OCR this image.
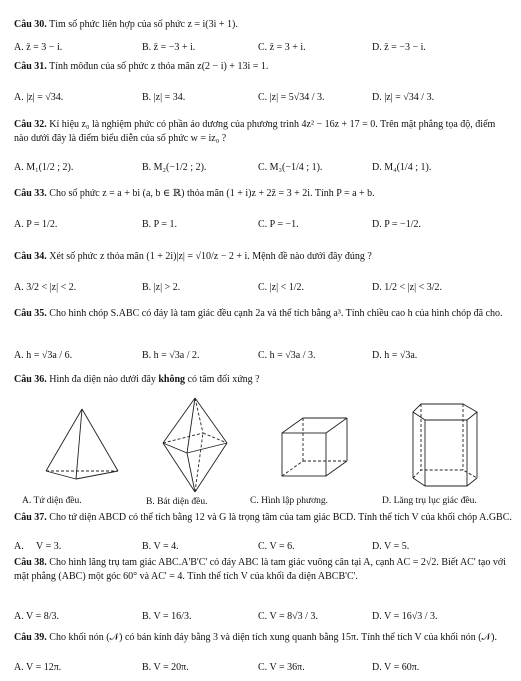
Câu 30. Tìm số phức liên hợp của số phức z = i(3i + 1).
A. z̄ = 3 − i.	B. z̄ = −3 + i.	C. z̄ = 3 + i.	D. z̄ = −3 − i.
Câu 31. Tính môđun của số phức z thỏa mãn z(2 − i) + 13i = 1.
A. |z| = √34.	B. |z| = 34.	C. |z| = 5√34 / 3.	D. |z| = √34 / 3.
Câu 32. Kí hiệu z₀ là nghiệm phức có phần ảo dương của phương trình 4z² − 16z + 17 = 0. Trên mặt phẳng tọa độ, điểm nào dưới đây là điểm biểu diễn của số phức w = iz₀ ?
A. M₁(1/2 ; 2).	B. M₂(−1/2 ; 2).	C. M₃(−1/4 ; 1).	D. M₄(1/4 ; 1).
Câu 33. Cho số phức z = a + bi (a, b ∈ ℝ) thỏa mãn (1 + i)z + 2z̄ = 3 + 2i. Tính P = a + b.
A. P = 1/2.	B. P = 1.	C. P = −1.	D. P = −1/2.
Câu 34. Xét số phức z thỏa mãn (1 + 2i)|z| = √10/z − 2 + i. Mệnh đề nào dưới đây đúng ?
A. 3/2 < |z| < 2.	B. |z| > 2.	C. |z| < 1/2.	D. 1/2 < |z| < 3/2.
Câu 35. Cho hình chóp S.ABC có đáy là tam giác đều cạnh 2a và thể tích bằng a³. Tính chiều cao h của hình chóp đã cho.
A. h = √3a / 6.	B. h = √3a / 2.	C. h = √3a / 3.	D. h = √3a.
Câu 36. Hình đa diện nào dưới đây không có tâm đối xứng ?
A. Tứ diện đều.	B. Bát diện đều.	C. Hình lập phương.	D. Lăng trụ lục giác đều.
Câu 37. Cho tứ diện ABCD có thể tích bằng 12 và G là trọng tâm của tam giác BCD. Tính thể tích V của khối chóp A.GBC.
A.     V = 3.	B. V = 4.	C. V = 6.	D. V = 5.
Câu 38. Cho hình lăng trụ tam giác ABC.A'B'C' có đáy ABC là tam giác vuông cân tại A, cạnh AC = 2√2. Biết AC' tạo với mặt phẳng (ABC) một góc 60° và AC' = 4. Tính thể tích V của khối đa diện ABCB'C'.
A. V = 8/3.	B. V = 16/3.	C. V = 8√3 / 3.	D. V = 16√3 / 3.
Câu 39. Cho khối nón (𝒩) có bán kính đáy bằng 3 và diện tích xung quanh bằng 15π. Tính thể tích V của khối nón (𝒩).
A. V = 12π.	B. V = 20π.	C. V = 36π.	D. V = 60π.
